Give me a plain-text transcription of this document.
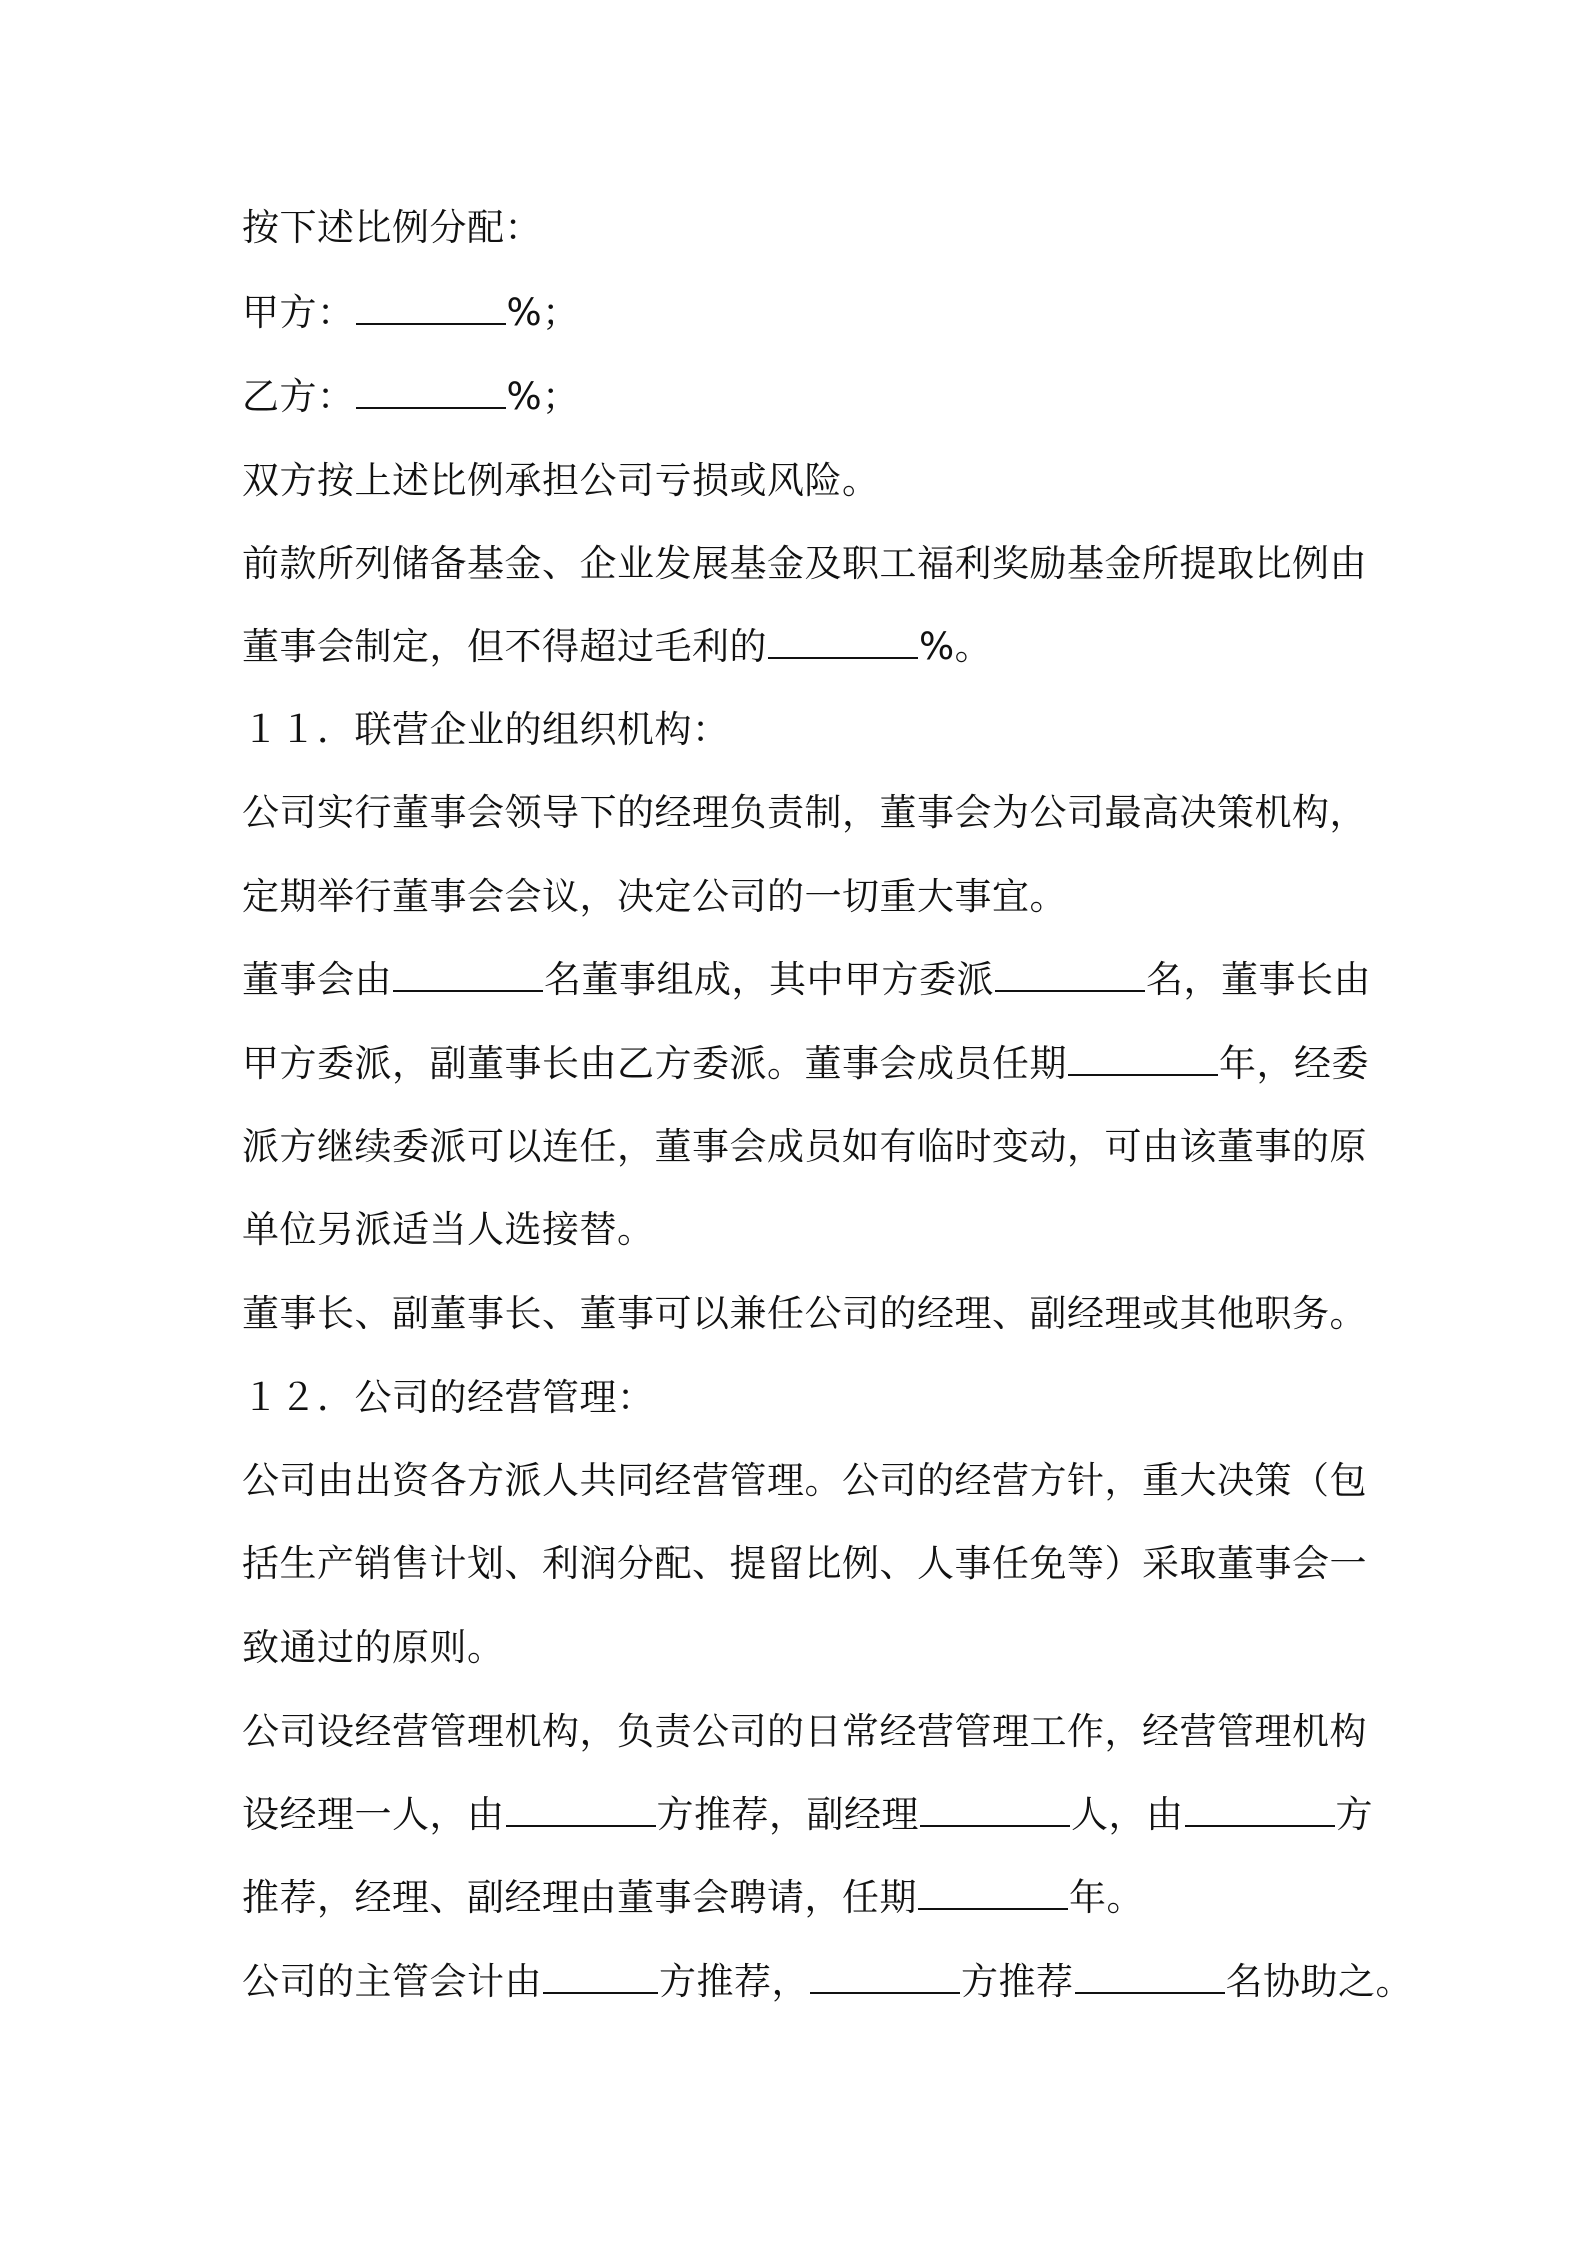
按下述比例分配：
甲方：	%；
乙方：	%；
双方按上述比例承担公司亏损或风险。
前款所列储备基金、企业发展基金及职工福利奖励基金所提取比例由
董事会制定，但不得超过毛利的	%。
１１．联营企业的组织机构：
公司实行董事会领导下的经理负责制，董事会为公司最高决策机构，
定期举行董事会会议，决定公司的一切重大事宜。
董事会由	名董事组成，其中甲方委派	名，董事长由
甲方委派，副董事长由乙方委派。董事会成员任期	年，经委
派方继续委派可以连任，董事会成员如有临时变动，可由该董事的原
单位另派适当人选接替。
董事长、副董事长、董事可以兼任公司的经理、副经理或其他职务。
１２．公司的经营管理：
公司由出资各方派人共同经营管理。公司的经营方针，重大决策（包
括生产销售计划、利润分配、提留比例、人事任免等）采取董事会一
致通过的原则。
公司设经营管理机构，负责公司的日常经营管理工作，经营管理机构
设经理一人，由	方推荐，副经理	人，由	方
推荐，经理、副经理由董事会聘请，任期	年。
公司的主管会计由	方推荐，	方推荐	名协助之。
